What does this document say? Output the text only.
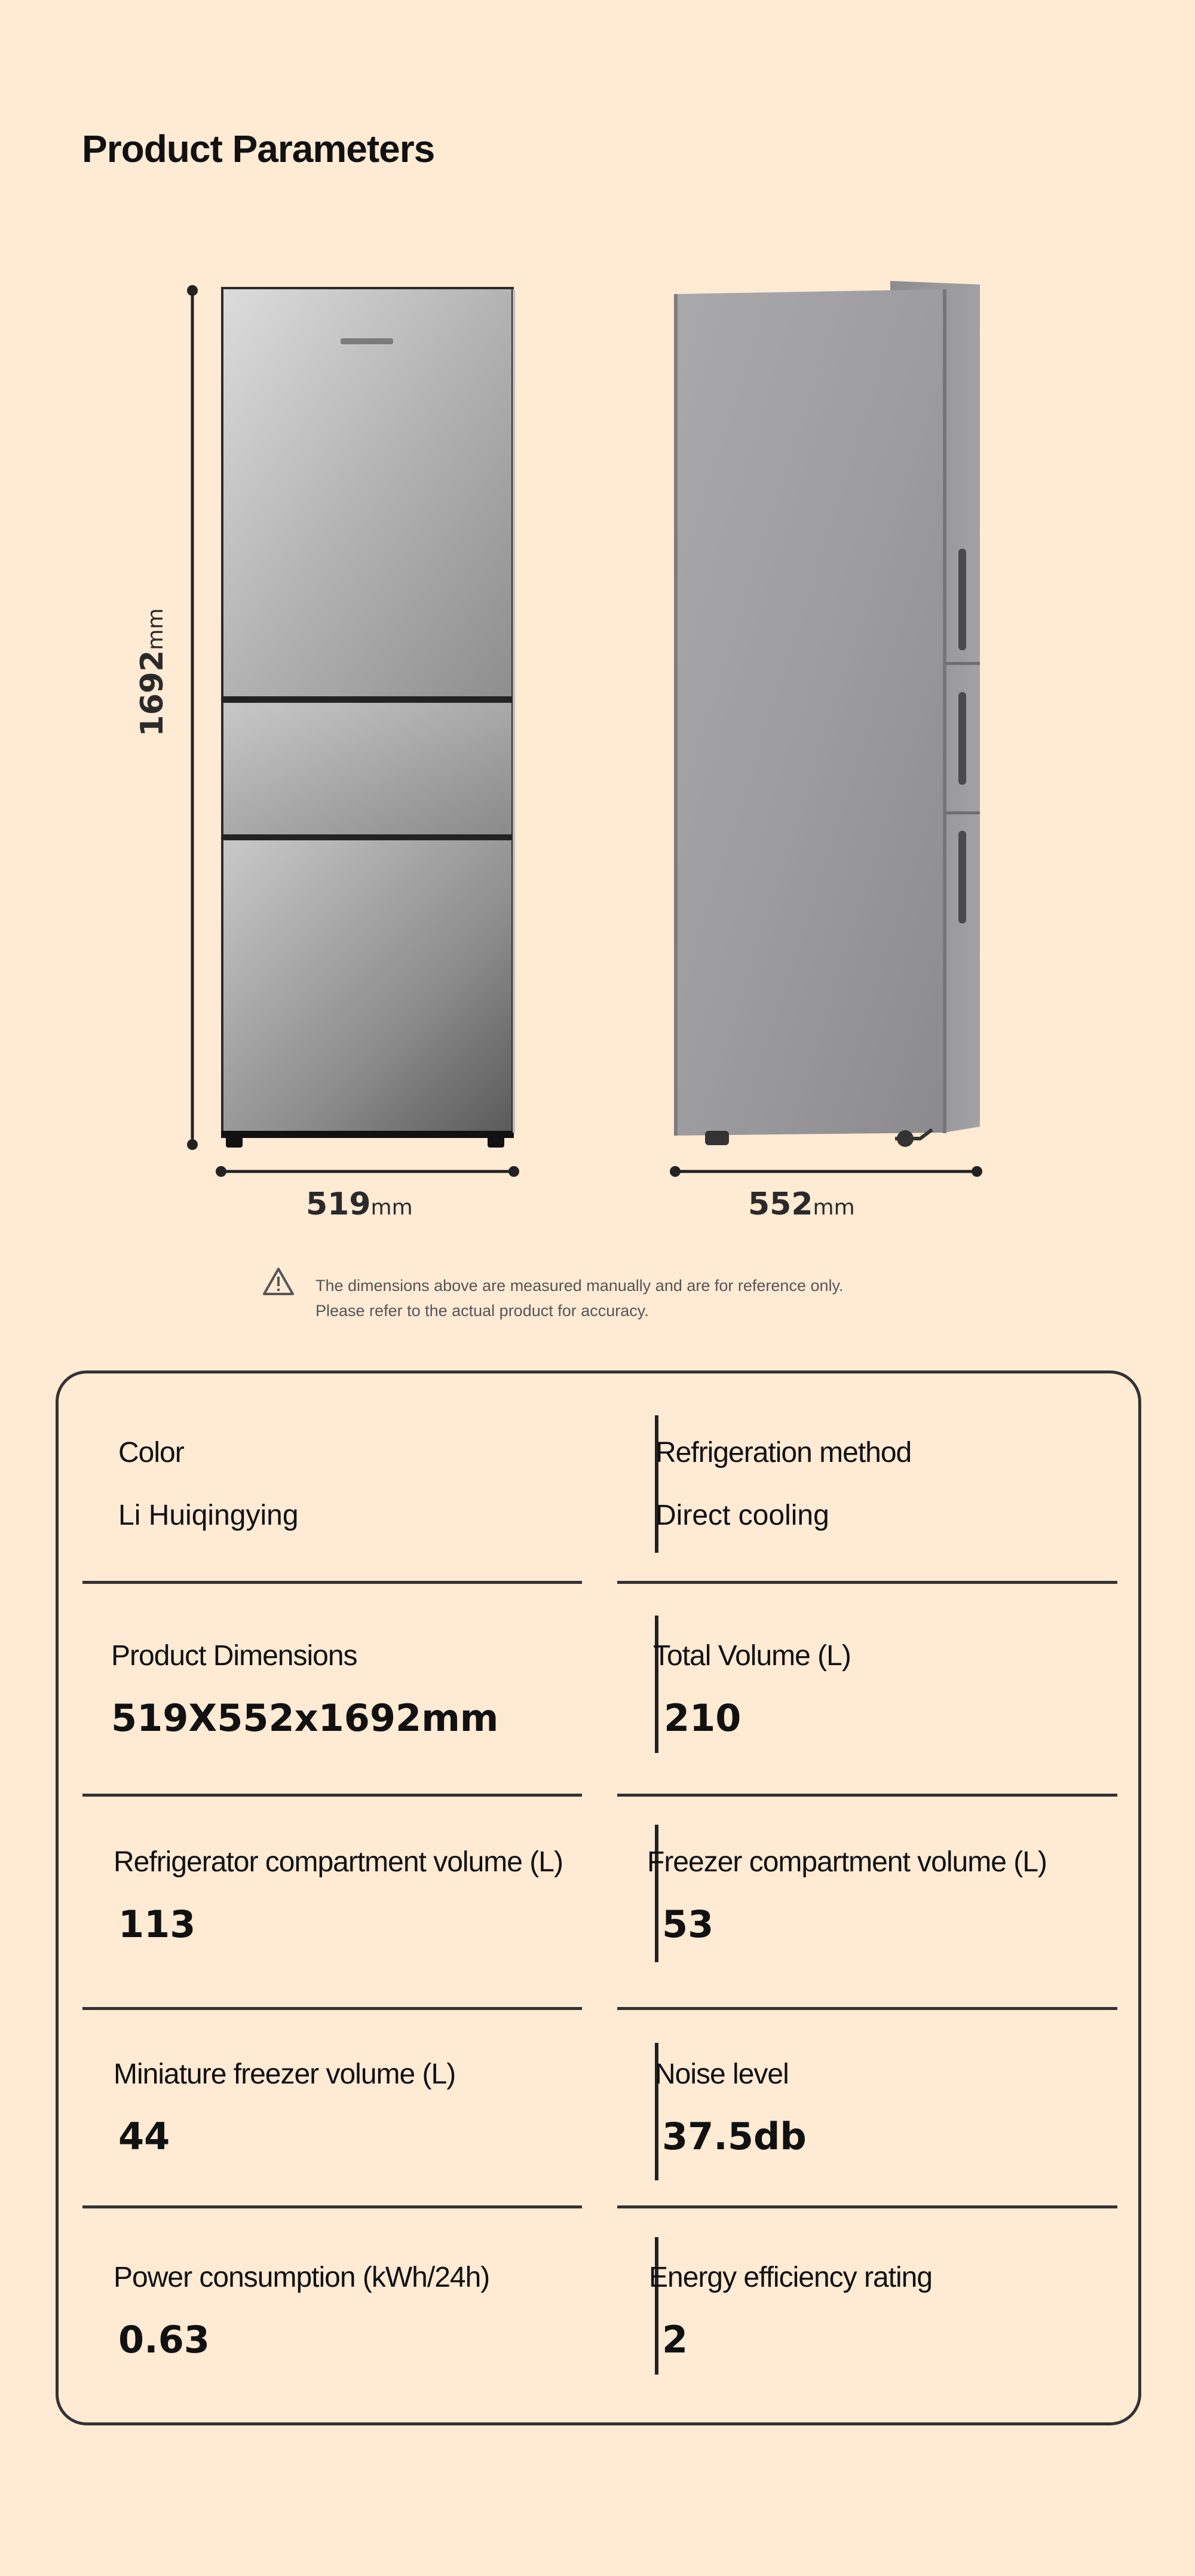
Product Parameters
1692mm
519mm	552mm
The dimensions above are measured manually and are for reference only.
Please refer to the actual product for accuracy.
Color
Li Huiqingying
Refrigeration method
Direct cooling
Product Dimensions
519X552x1692mm
Total Volume (L)
210
Refrigerator compartment volume (L)
113
Freezer compartment volume (L)
53
Miniature freezer volume (L)
44
Noise level
37.5db
Power consumption (kWh/24h)
0.63
Energy efficiency rating
2
